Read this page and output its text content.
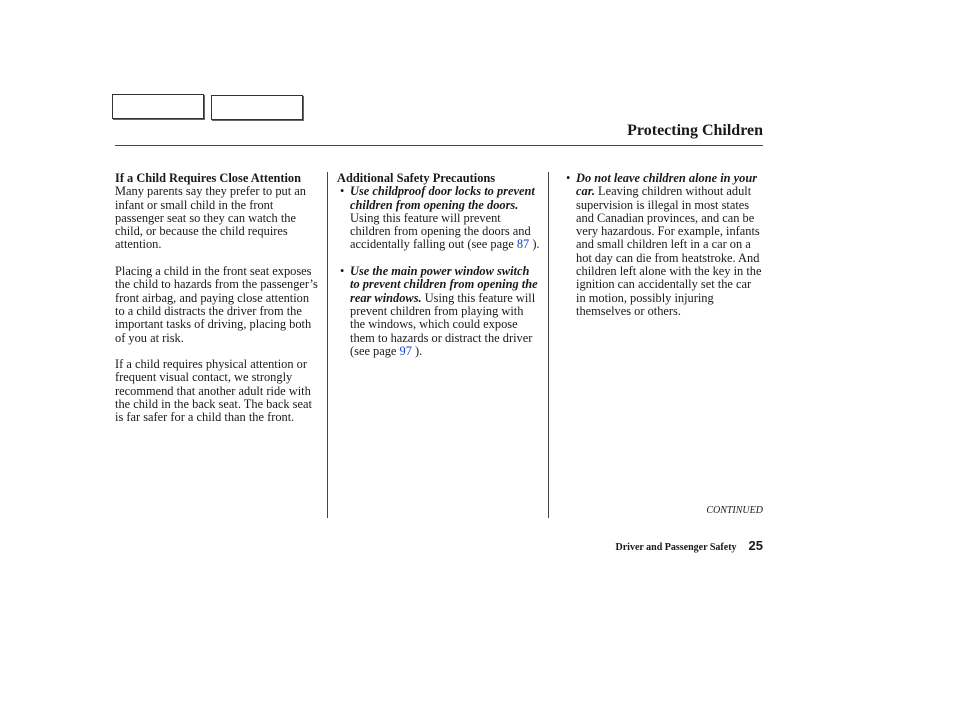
Protecting Children
If a Child Requires Close Attention

Many parents say they prefer to put an infant or small child in the front passenger seat so they can watch the child, or because the child requires attention.

Placing a child in the front seat exposes the child to hazards from the passenger’s front airbag, and paying close attention to a child distracts the driver from the important tasks of driving, placing both of you at risk.

If a child requires physical attention or frequent visual contact, we strongly recommend that another adult ride with the child in the back seat. The back seat is far safer for a child than the front.

Additional Safety Precautions
• Use childproof door locks to prevent children from opening the doors. Using this feature will prevent children from opening the doors and accidentally falling out (see page 87 ).
• Use the main power window switch to prevent children from opening the rear windows. Using this feature will prevent children from playing with the windows, which could expose them to hazards or distract the driver (see page 97 ).
• Do not leave children alone in your car. Leaving children without adult supervision is illegal in most states and Canadian provinces, and can be very hazardous. For example, infants and small children left in a car on a hot day can die from heatstroke. And children left alone with the key in the ignition can accidentally set the car in motion, possibly injuring themselves or others.
CONTINUED
Driver and Passenger Safety 25
